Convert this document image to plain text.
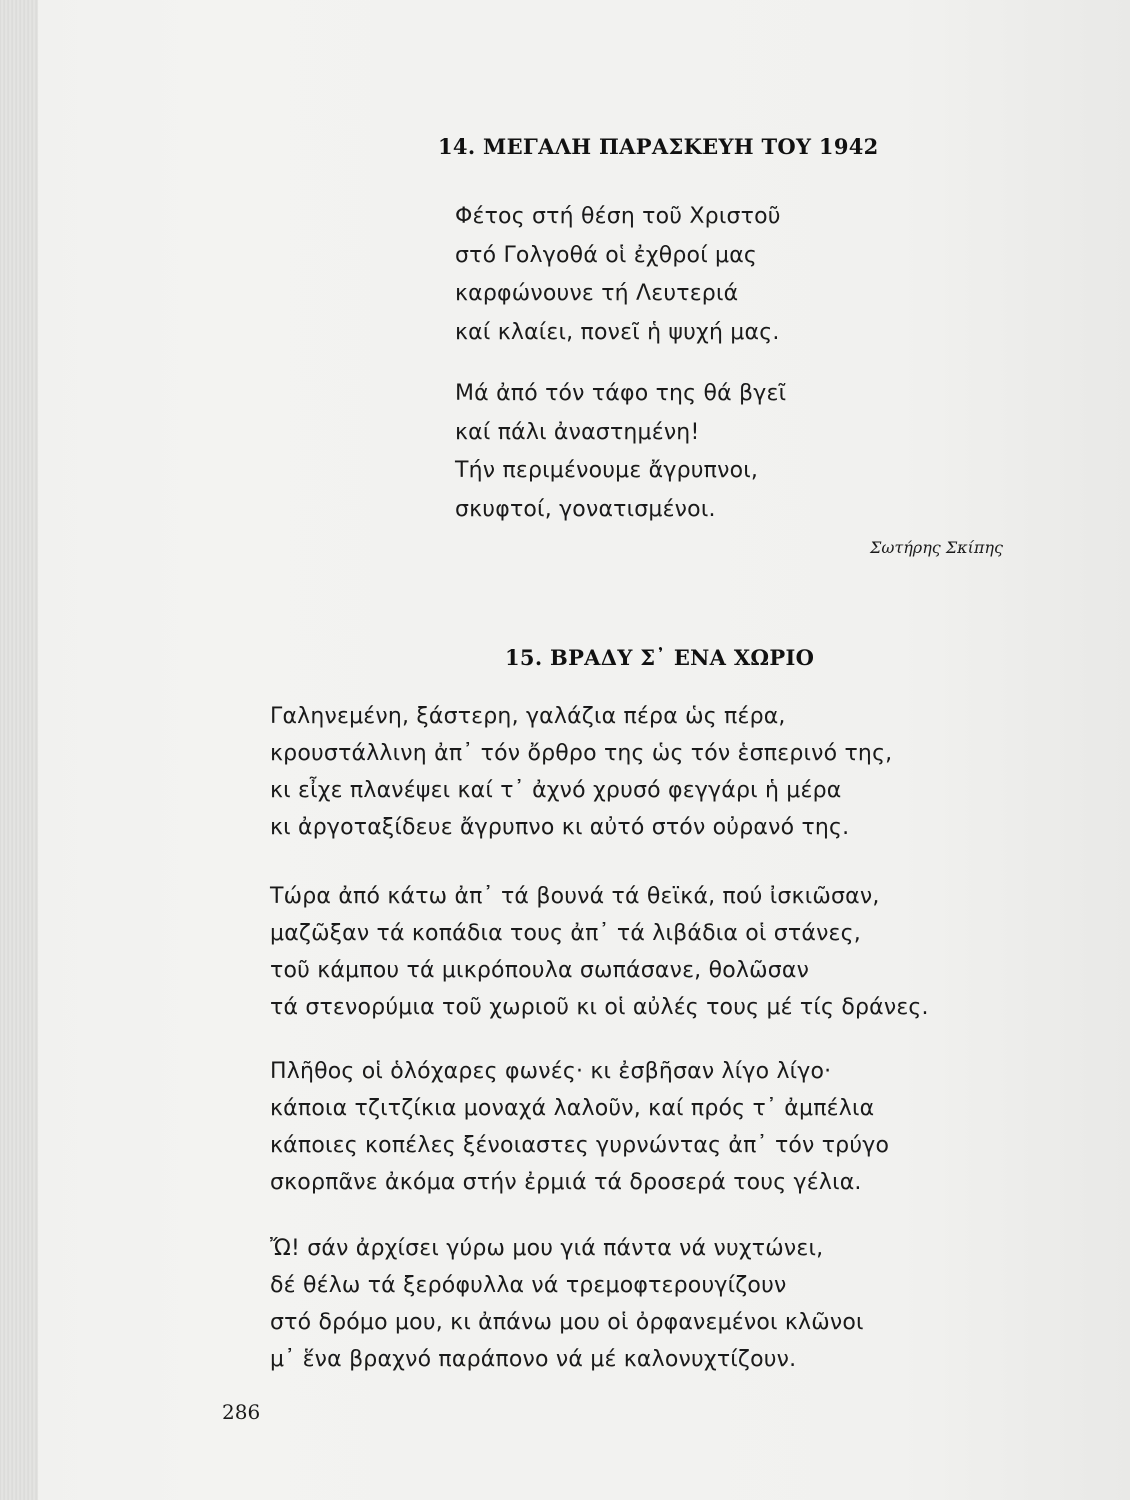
14. ΜΕΓΑΛΗ ΠΑΡΑΣΚΕΥΗ ΤΟΥ 1942
Φέτος στή θέση τοῦ Χριστοῦ
στό Γολγοθά οἱ ἐχθροί μας
καρφώνουνε τή Λευτεριά
καί κλαίει, πονεῖ ἡ ψυχή μας.
Μά ἀπό τόν τάφο της θά βγεῖ
καί πάλι ἀναστημένη!
Τήν περιμένουμε ἄγρυπνοι,
σκυφτοί, γονατισμένοι.
Σωτήρης Σκίπης
15. ΒΡΑΔΥ Σ᾽ ΕΝΑ ΧΩΡΙΟ
Γαληνεμένη, ξάστερη, γαλάζια πέρα ὡς πέρα,
κρουστάλλινη ἀπ᾽ τόν ὄρθρο της ὡς τόν ἑσπερινό της,
κι εἶχε πλανέψει καί τ᾽ ἀχνό χρυσό φεγγάρι ἡ μέρα
κι ἀργοταξίδευε ἄγρυπνο κι αὐτό στόν οὐρανό της.
Τώρα ἀπό κάτω ἀπ᾽ τά βουνά τά θεϊκά, πού ἰσκιῶσαν,
μαζῶξαν τά κοπάδια τους ἀπ᾽ τά λιβάδια οἱ στάνες,
τοῦ κάμπου τά μικρόπουλα σωπάσανε, θολῶσαν
τά στενορύμια τοῦ χωριοῦ κι οἱ αὐλές τους μέ τίς δράνες.
Πλῆθος οἱ ὁλόχαρες φωνές· κι ἐσβῆσαν λίγο λίγο·
κάποια τζιτζίκια μοναχά λαλοῦν, καί πρός τ᾽ ἀμπέλια
κάποιες κοπέλες ξένοιαστες γυρνώντας ἀπ᾽ τόν τρύγο
σκορπᾶνε ἀκόμα στήν ἐρμιά τά δροσερά τους γέλια.
Ὤ! σάν ἀρχίσει γύρω μου γιά πάντα νά νυχτώνει,
δέ θέλω τά ξερόφυλλα νά τρεμοφτερουγίζουν
στό δρόμο μου, κι ἀπάνω μου οἱ ὀρφανεμένοι κλῶνοι
μ᾽ ἕνα βραχνό παράπονο νά μέ καλονυχτίζουν.
286
